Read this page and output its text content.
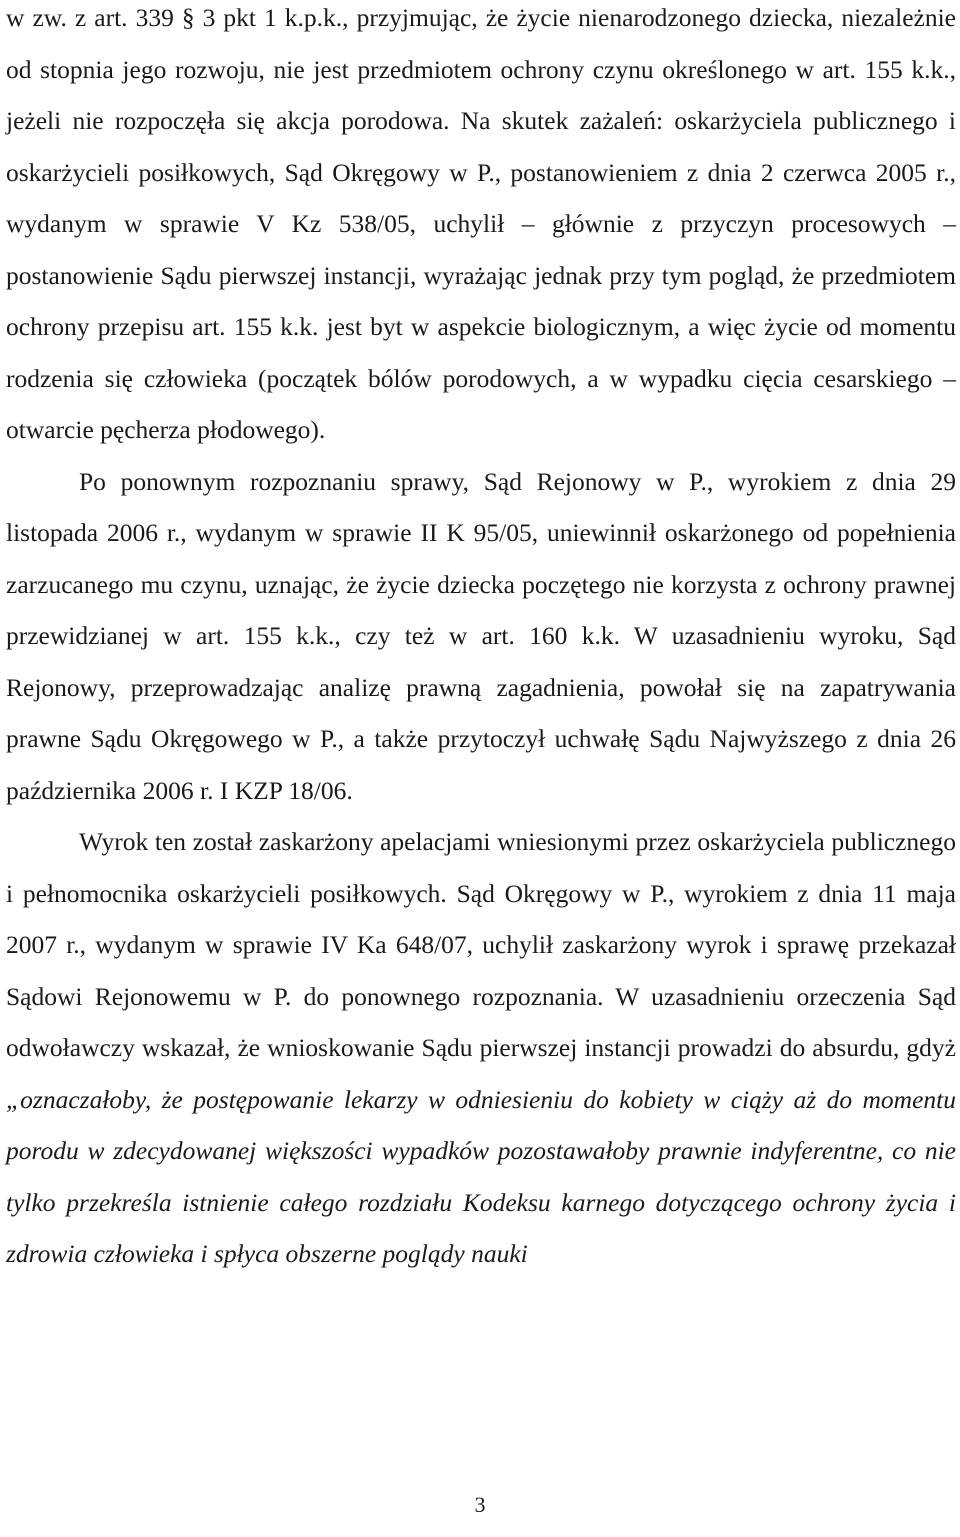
w zw. z art. 339 § 3 pkt 1 k.p.k., przyjmując, że życie nienarodzonego dziecka, niezależnie od stopnia jego rozwoju, nie jest przedmiotem ochrony czynu określonego w art. 155 k.k., jeżeli nie rozpoczęła się akcja porodowa. Na skutek zażaleń: oskarżyciela publicznego i oskarżycieli posiłkowych, Sąd Okręgowy w P., postanowieniem z dnia 2 czerwca 2005 r., wydanym w sprawie V Kz 538/05, uchylił – głównie z przyczyn procesowych – postanowienie Sądu pierwszej instancji, wyrażając jednak przy tym pogląd, że przedmiotem ochrony przepisu art. 155 k.k. jest byt w aspekcie biologicznym, a więc życie od momentu rodzenia się człowieka (początek bólów porodowych, a w wypadku cięcia cesarskiego – otwarcie pęcherza płodowego).

Po ponownym rozpoznaniu sprawy, Sąd Rejonowy w P., wyrokiem z dnia 29 listopada 2006 r., wydanym w sprawie II K 95/05, uniewinnił oskarżonego od popełnienia zarzucanego mu czynu, uznając, że życie dziecka poczętego nie korzysta z ochrony prawnej przewidzianej w art. 155 k.k., czy też w art. 160 k.k. W uzasadnieniu wyroku, Sąd Rejonowy, przeprowadzając analizę prawną zagadnienia, powołał się na zapatrywania prawne Sądu Okręgowego w P., a także przytoczył uchwałę Sądu Najwyższego z dnia 26 października 2006 r. I KZP 18/06.

Wyrok ten został zaskarżony apelacjami wniesionymi przez oskarżyciela publicznego i pełnomocnika oskarżycieli posiłkowych. Sąd Okręgowy w P., wyrokiem z dnia 11 maja 2007 r., wydanym w sprawie IV Ka 648/07, uchylił zaskarżony wyrok i sprawę przekazał Sądowi Rejonowemu w P. do ponownego rozpoznania. W uzasadnieniu orzeczenia Sąd odwoławczy wskazał, że wnioskowanie Sądu pierwszej instancji prowadzi do absurdu, gdyż „oznaczałoby, że postępowanie lekarzy w odniesieniu do kobiety w ciąży aż do momentu porodu w zdecydowanej większości wypadków pozostawałoby prawnie indyferentne, co nie tylko przekreśla istnienie całego rozdziału Kodeksu karnego dotyczącego ochrony życia i zdrowia człowieka i spłyca obszerne poglądy nauki

3
